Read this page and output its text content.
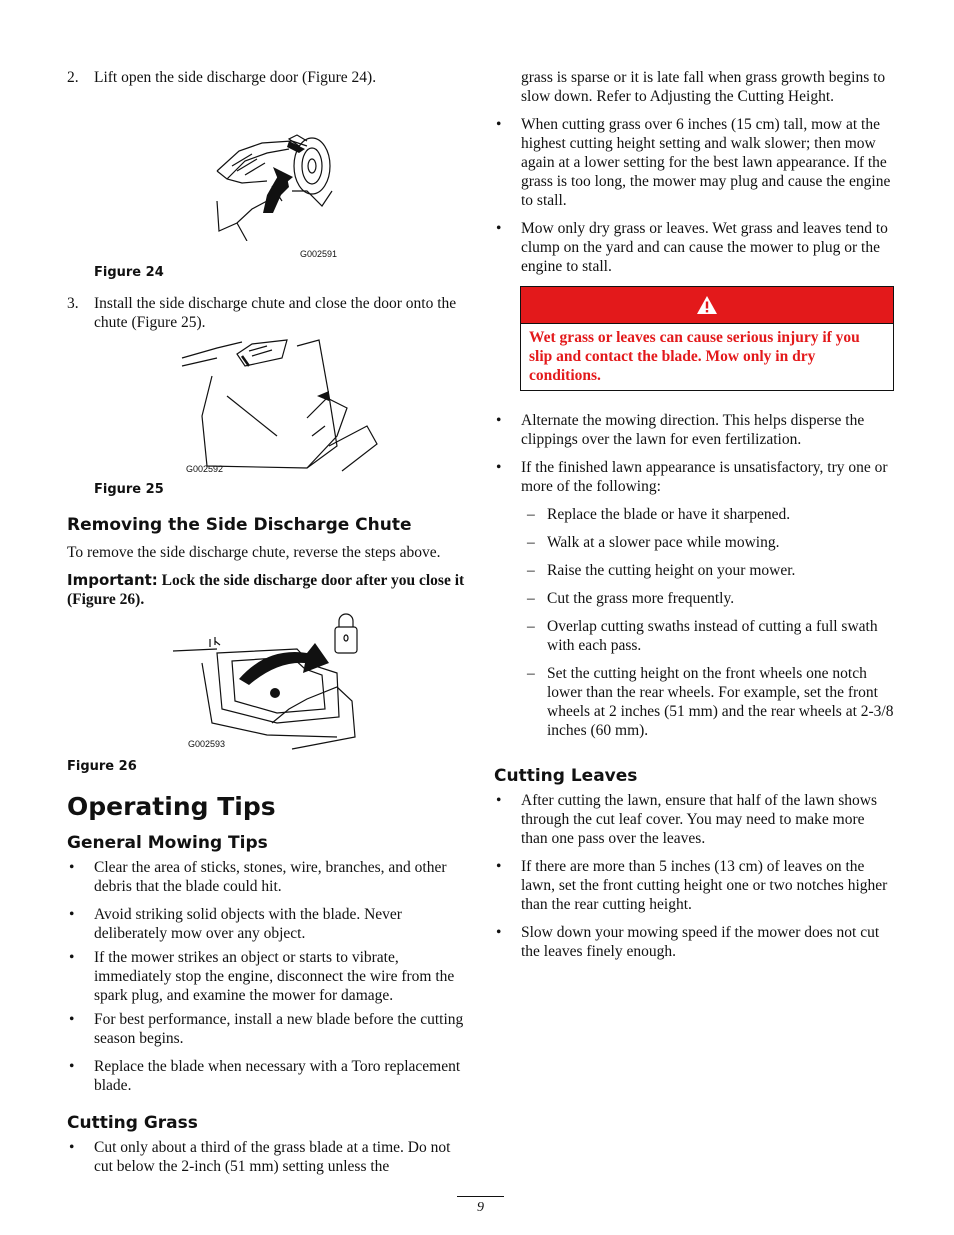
2. Lift open the side discharge door (Figure 24).

G002591

Figure 24

3. Install the side discharge chute and close the door onto the chute (Figure 25).

G002592

Figure 25

Removing the Side Discharge Chute

To remove the side discharge chute, reverse the steps above.

Important: Lock the side discharge door after you close it (Figure 26).

G002593

Figure 26

Operating Tips
General Mowing Tips

• Clear the area of sticks, stones, wire, branches, and other debris that the blade could hit.

• Avoid striking solid objects with the blade. Never deliberately mow over any object.

• If the mower strikes an object or starts to vibrate, immediately stop the engine, disconnect the wire from the spark plug, and examine the mower for damage.

• For best performance, install a new blade before the cutting season begins.

• Replace the blade when necessary with a Toro replacement blade.

Cutting Grass

• Cut only about a third of the grass blade at a time. Do not cut below the 2-inch (51 mm) setting unless the

grass is sparse or it is late fall when grass growth begins to slow down. Refer to Adjusting the Cutting Height.

• When cutting grass over 6 inches (15 cm) tall, mow at the highest cutting height setting and walk slower; then mow again at a lower setting for the best lawn appearance. If the grass is too long, the mower may plug and cause the engine to stall.

• Mow only dry grass or leaves. Wet grass and leaves tend to clump on the yard and can cause the mower to plug or the engine to stall.

Wet grass or leaves can cause serious injury if you slip and contact the blade. Mow only in dry conditions.

• Alternate the mowing direction. This helps disperse the clippings over the lawn for even fertilization.

• If the finished lawn appearance is unsatisfactory, try one or more of the following:

– Replace the blade or have it sharpened.

– Walk at a slower pace while mowing.

– Raise the cutting height on your mower.

– Cut the grass more frequently.

– Overlap cutting swaths instead of cutting a full swath with each pass.

– Set the cutting height on the front wheels one notch lower than the rear wheels. For example, set the front wheels at 2 inches (51 mm) and the rear wheels at 2-3/8 inches (60 mm).

Cutting Leaves

• After cutting the lawn, ensure that half of the lawn shows through the cut leaf cover. You may need to make more than one pass over the leaves.

• If there are more than 5 inches (13 cm) of leaves on the lawn, set the front cutting height one or two notches higher than the rear cutting height.

• Slow down your mowing speed if the mower does not cut the leaves finely enough.

9
